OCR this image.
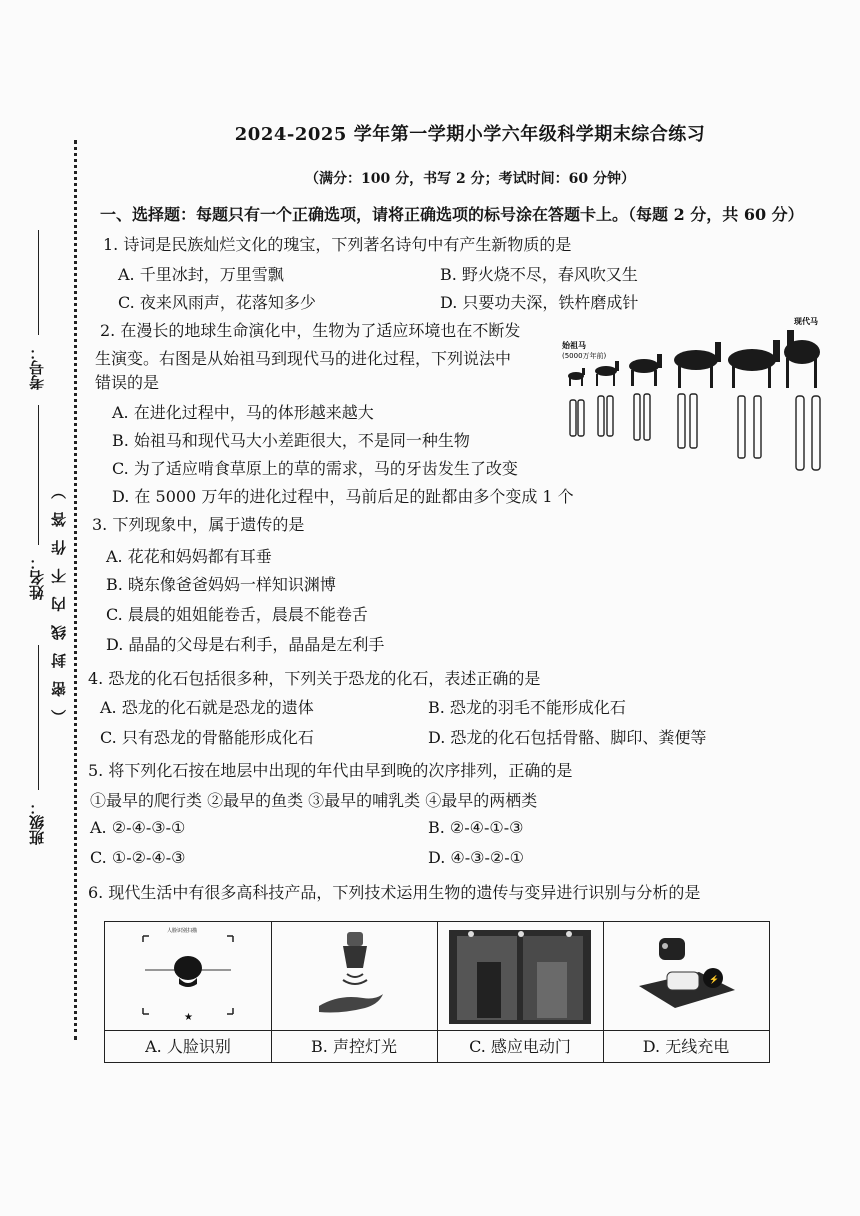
考号：
姓名： （ 密 封 线 内 不 作 答 ）
班级：
2024-2025 学年第一学期小学六年级科学期末综合练习
（满分：100 分，书写 2 分；考试时间：60 分钟）
一、选择题：每题只有一个正确选项，请将正确选项的标号涂在答题卡上。（每题 2 分，共 60 分）
1. 诗词是民族灿烂文化的瑰宝，下列著名诗句中有产生新物质的是
A. 千里冰封，万里雪飘	B. 野火烧不尽，春风吹又生
C. 夜来风雨声，花落知多少	D. 只要功夫深，铁杵磨成针
2. 在漫长的地球生命演化中，生物为了适应环境也在不断发
生演变。右图是从始祖马到现代马的进化过程，下列说法中
错误的是
A. 在进化过程中，马的体形越来越大
B. 始祖马和现代马大小差距很大，不是同一种生物
C. 为了适应啃食草原上的草的需求，马的牙齿发生了改变
D. 在 5000 万年的进化过程中，马前后足的趾都由多个变成 1 个
始祖马
(5000万年前)
现代马
3. 下列现象中，属于遗传的是
A. 花花和妈妈都有耳垂
B. 晓东像爸爸妈妈一样知识渊博
C. 晨晨的姐姐能卷舌，晨晨不能卷舌
D. 晶晶的父母是右利手，晶晶是左利手
4. 恐龙的化石包括很多种，下列关于恐龙的化石，表述正确的是
A. 恐龙的化石就是恐龙的遗体	B. 恐龙的羽毛不能形成化石
C. 只有恐龙的骨骼能形成化石	D. 恐龙的化石包括骨骼、脚印、粪便等
5. 将下列化石按在地层中出现的年代由早到晚的次序排列，正确的是
①最早的爬行类 ②最早的鱼类 ③最早的哺乳类 ④最早的两栖类
A. ②-④-③-①	B. ②-④-①-③
C. ①-②-④-③	D. ④-③-②-①
6. 现代生活中有很多高科技产品，下列技术运用生物的遗传与变异进行识别与分析的是
人脸识别扫描
★
⚡
A. 人脸识别	B. 声控灯光	C. 感应电动门	D. 无线充电
